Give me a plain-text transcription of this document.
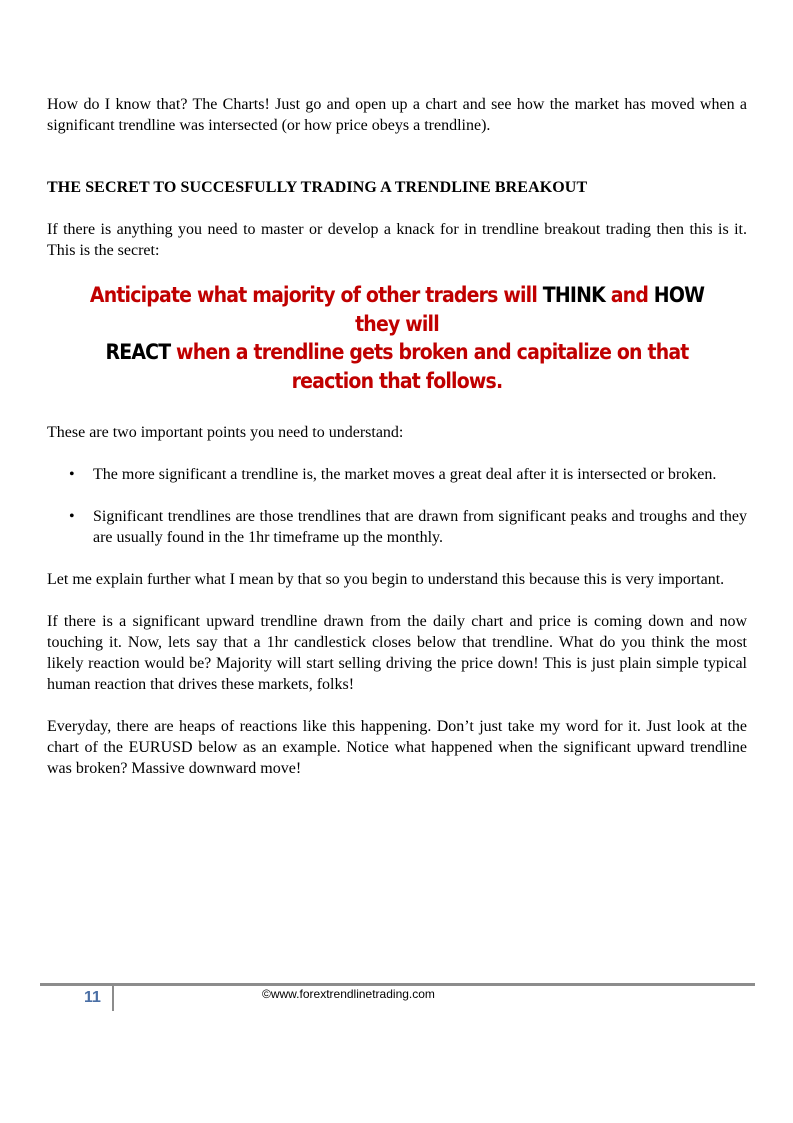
How do I know that? The Charts! Just go and open up a chart and see how the market has moved when a significant trendline was intersected (or how price obeys a trendline).

THE SECRET TO SUCCESFULLY TRADING A TRENDLINE BREAKOUT

If there is anything you need to master or develop a knack for in trendline breakout trading then this is it. This is the secret:

Anticipate what majority of other traders will THINK and HOW they will
REACT when a trendline gets broken and capitalize on that reaction that follows.

These are two important points you need to understand:

• The more significant a trendline is, the market moves a great deal after it is intersected or broken.
• Significant trendlines are those trendlines that are drawn from significant peaks and troughs and they are usually found in the 1hr timeframe up the monthly.

Let me explain further what I mean by that so you begin to understand this because this is very important.

If there is a significant upward trendline drawn from the daily chart and price is coming down and now touching it. Now, lets say that a 1hr candlestick closes below that trendline. What do you think the most likely reaction would be? Majority will start selling driving the price down! This is just plain simple typical human reaction that drives these markets, folks!

Everyday, there are heaps of reactions like this happening. Don’t just take my word for it. Just look at the chart of the EURUSD below as an example. Notice what happened when the significant upward trendline was broken? Massive downward move!

11	©www.forextrendlinetrading.com
